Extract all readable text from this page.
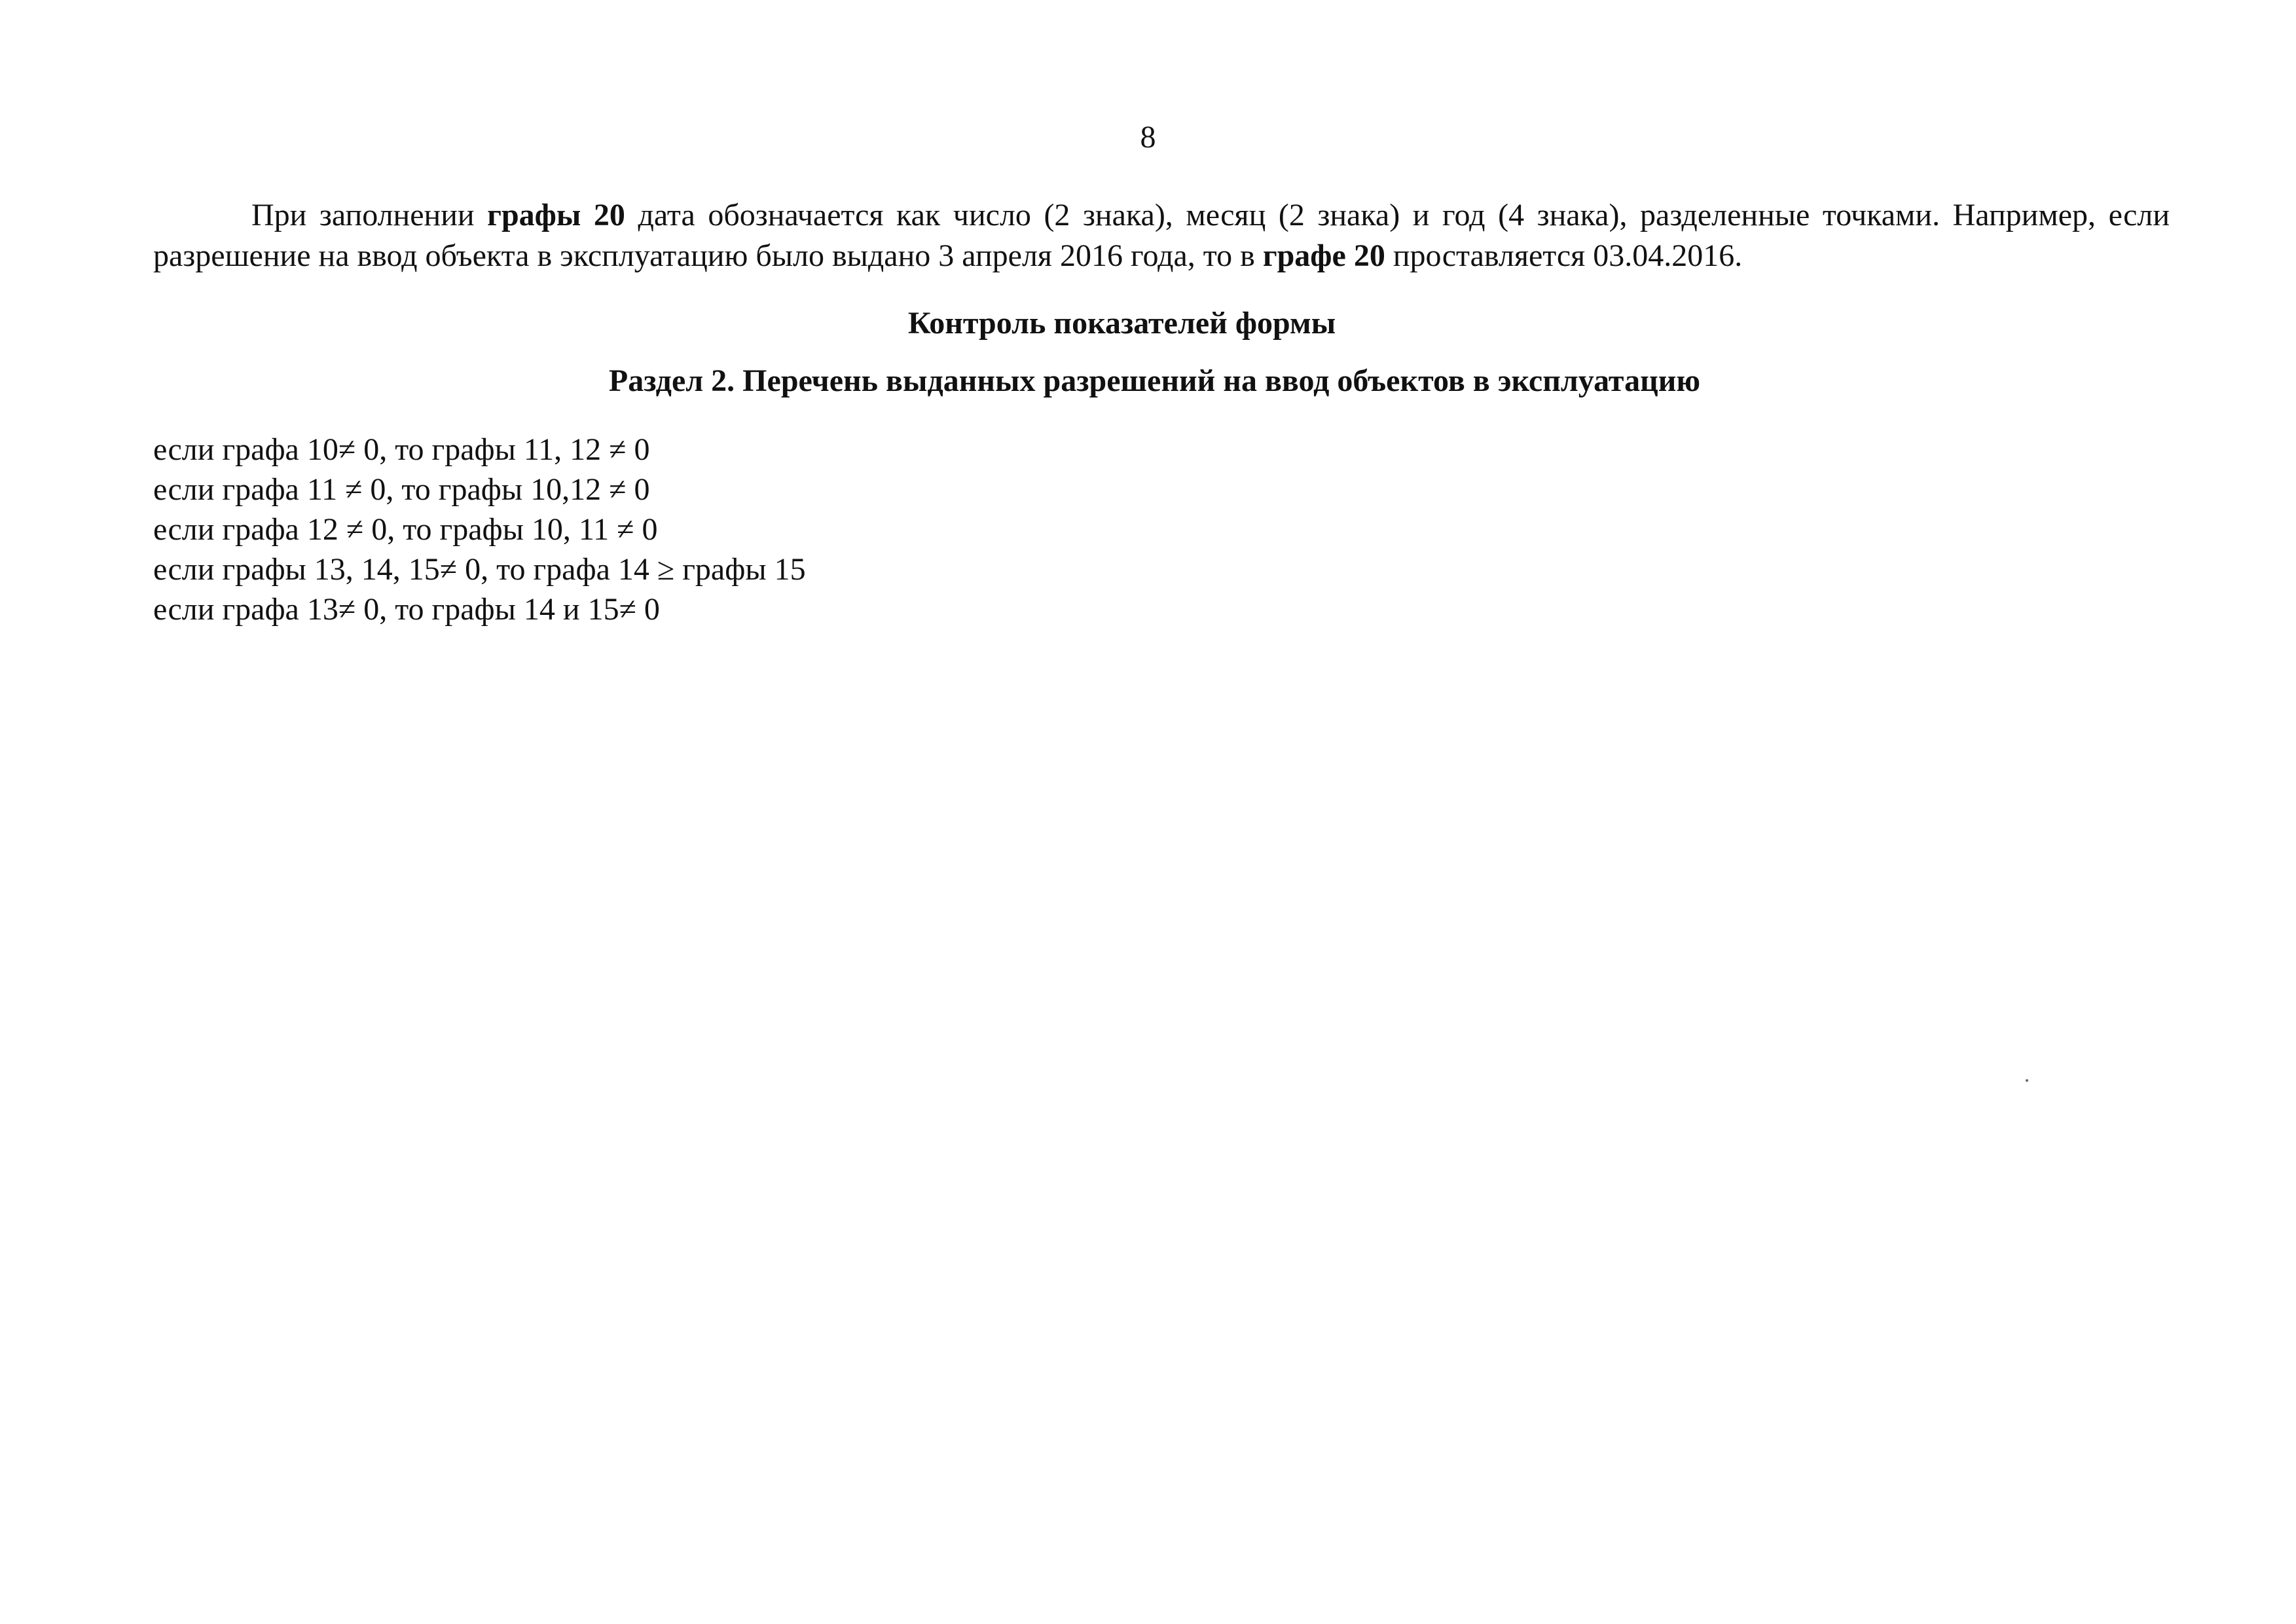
8

При заполнении графы 20 дата обозначается как число (2 знака), месяц (2 знака) и год (4 знака), разделенные точками. Например, если
разрешение на ввод объекта в эксплуатацию было выдано 3 апреля 2016 года, то в графе 20 проставляется 03.04.2016.

Контроль показателей формы
Раздел 2. Перечень выданных разрешений на ввод объектов в эксплуатацию
если графа 10≠ 0, то графы 11, 12 ≠ 0
если графа 11 ≠ 0, то графы 10,12 ≠ 0
если графа 12 ≠ 0, то графы 10, 11 ≠ 0
если графы 13, 14, 15≠ 0, то графа 14 ≥ графы 15
если графа 13≠ 0, то графы 14 и 15≠ 0
